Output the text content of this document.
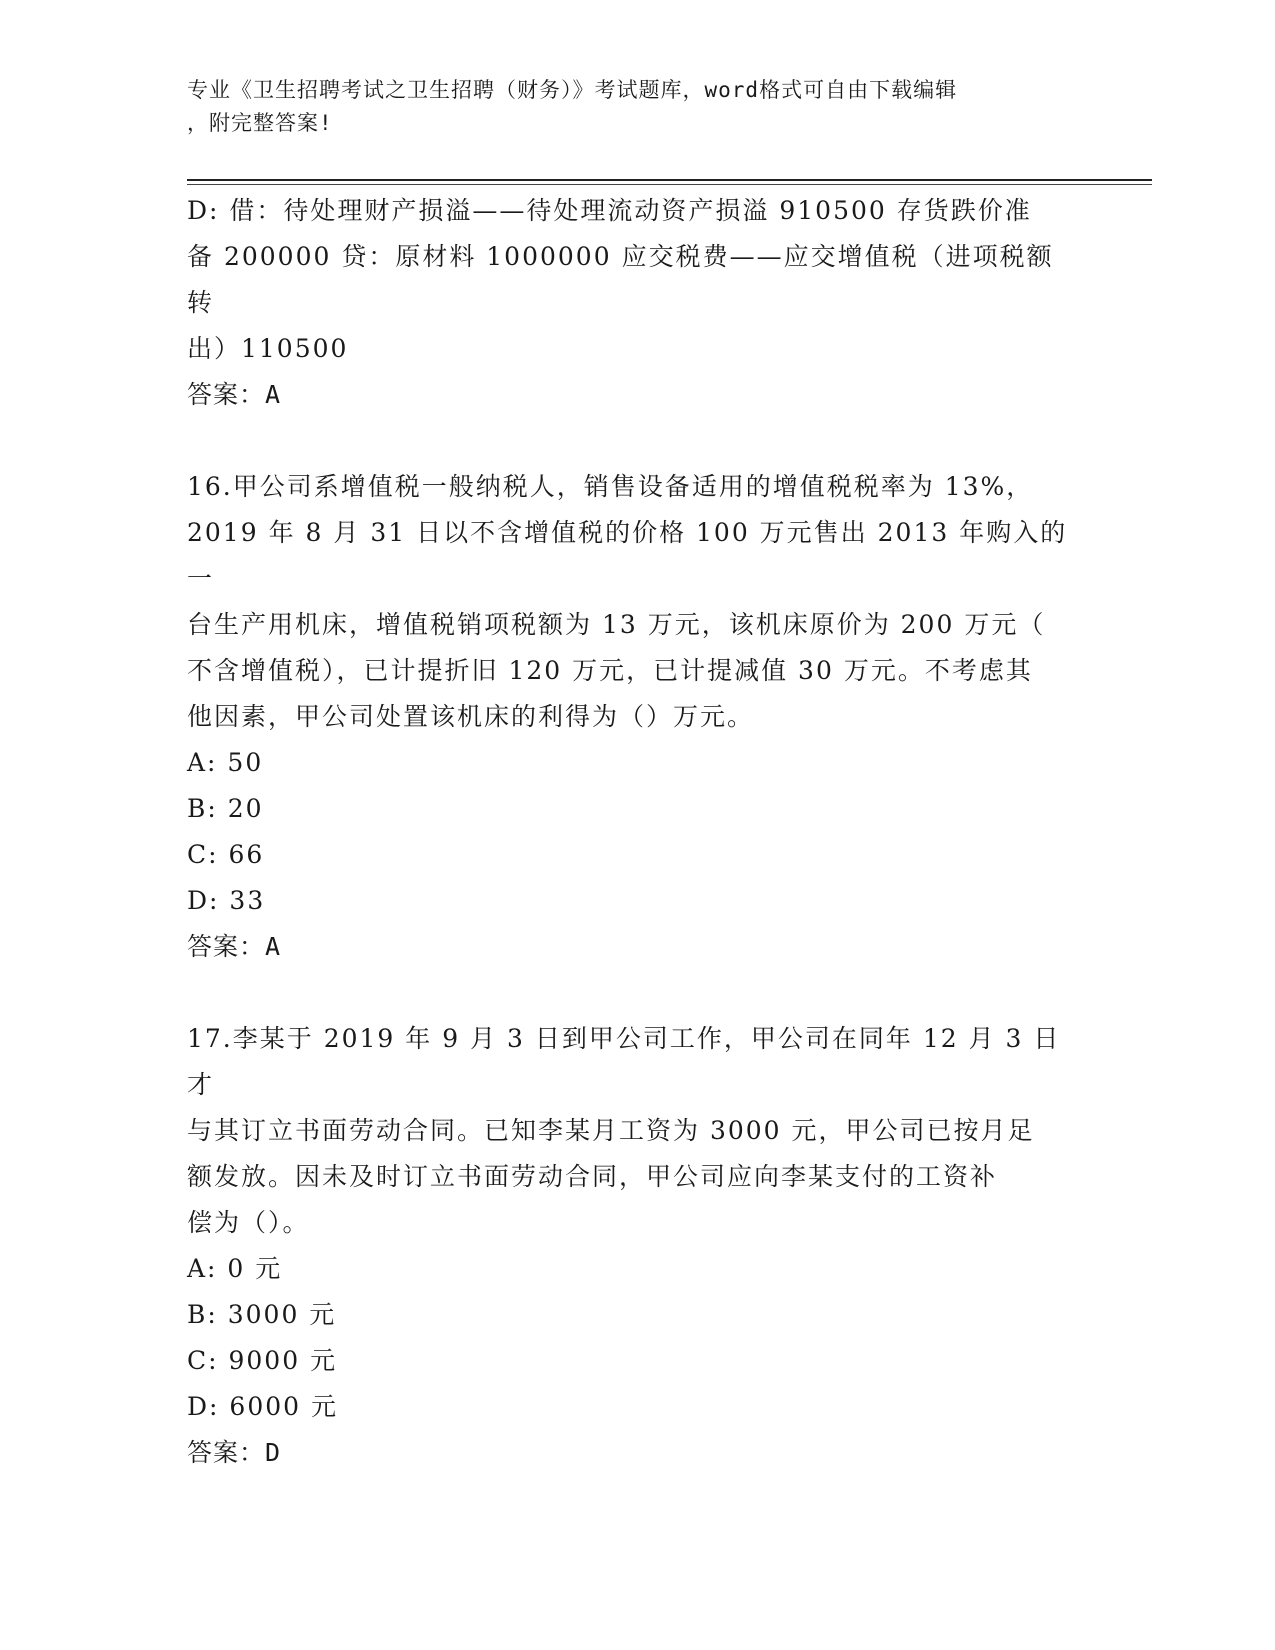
专业《卫生招聘考试之卫生招聘（财务）》考试题库，word格式可自由下载编辑
，附完整答案!

D: 借：待处理财产损溢——待处理流动资产损溢 910500 存货跌价准

备 200000 贷：原材料 1000000 应交税费——应交增值税（进项税额转

出）110500

答案：A

16.甲公司系增值税一般纳税人，销售设备适用的增值税税率为 13%，

2019 年 8 月 31 日以不含增值税的价格 100 万元售出 2013 年购入的一

台生产用机床，增值税销项税额为 13 万元，该机床原价为 200 万元（

不含增值税），已计提折旧 120 万元，已计提减值 30 万元。不考虑其

他因素，甲公司处置该机床的利得为（）万元。

A: 50

B: 20

C: 66

D: 33

答案：A

17.李某于 2019 年 9 月 3 日到甲公司工作，甲公司在同年 12 月 3 日才

与其订立书面劳动合同。已知李某月工资为 3000 元，甲公司已按月足

额发放。因未及时订立书面劳动合同，甲公司应向李某支付的工资补

偿为（）。

A: 0 元

B: 3000 元

C: 9000 元

D: 6000 元

答案：D
